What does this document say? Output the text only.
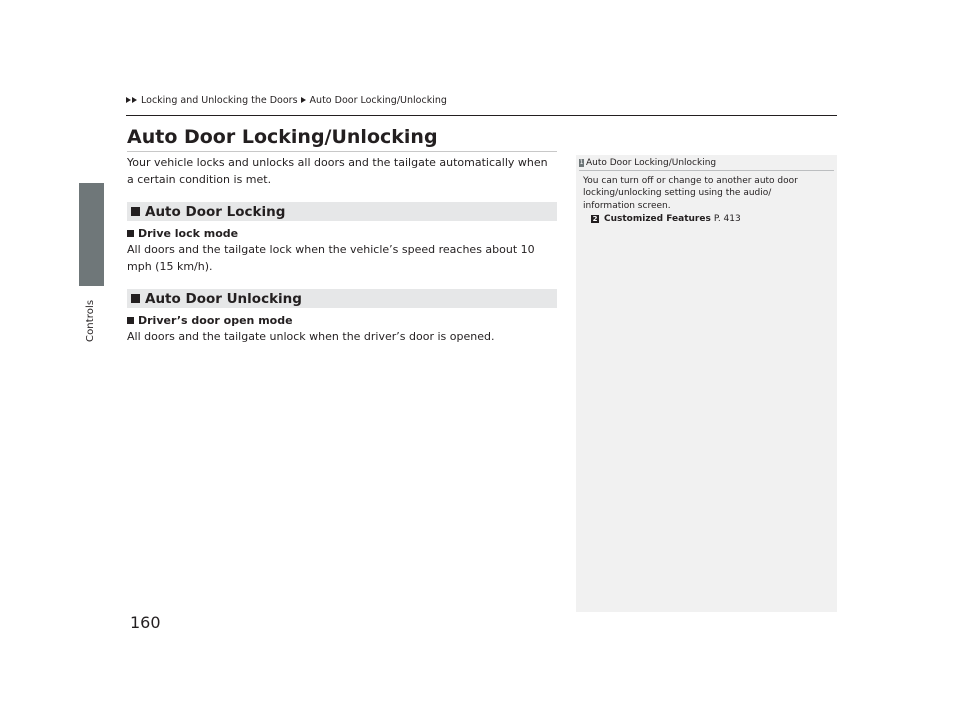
Controls
Locking and Unlocking the Doors Auto Door Locking/Unlocking
Auto Door Locking/Unlocking

Your vehicle locks and unlocks all doors and the tailgate automatically when a certain condition is met.

Auto Door Locking
Drive lock mode

All doors and the tailgate lock when the vehicle’s speed reaches about 10 mph (15 km/h).

Auto Door Unlocking
Driver’s door open mode

All doors and the tailgate unlock when the driver’s door is opened.

1 Auto Door Locking/Unlocking

You can turn off or change to another auto door locking/unlocking setting using the audio/ information screen.

2 Customized Features P. 413
160
